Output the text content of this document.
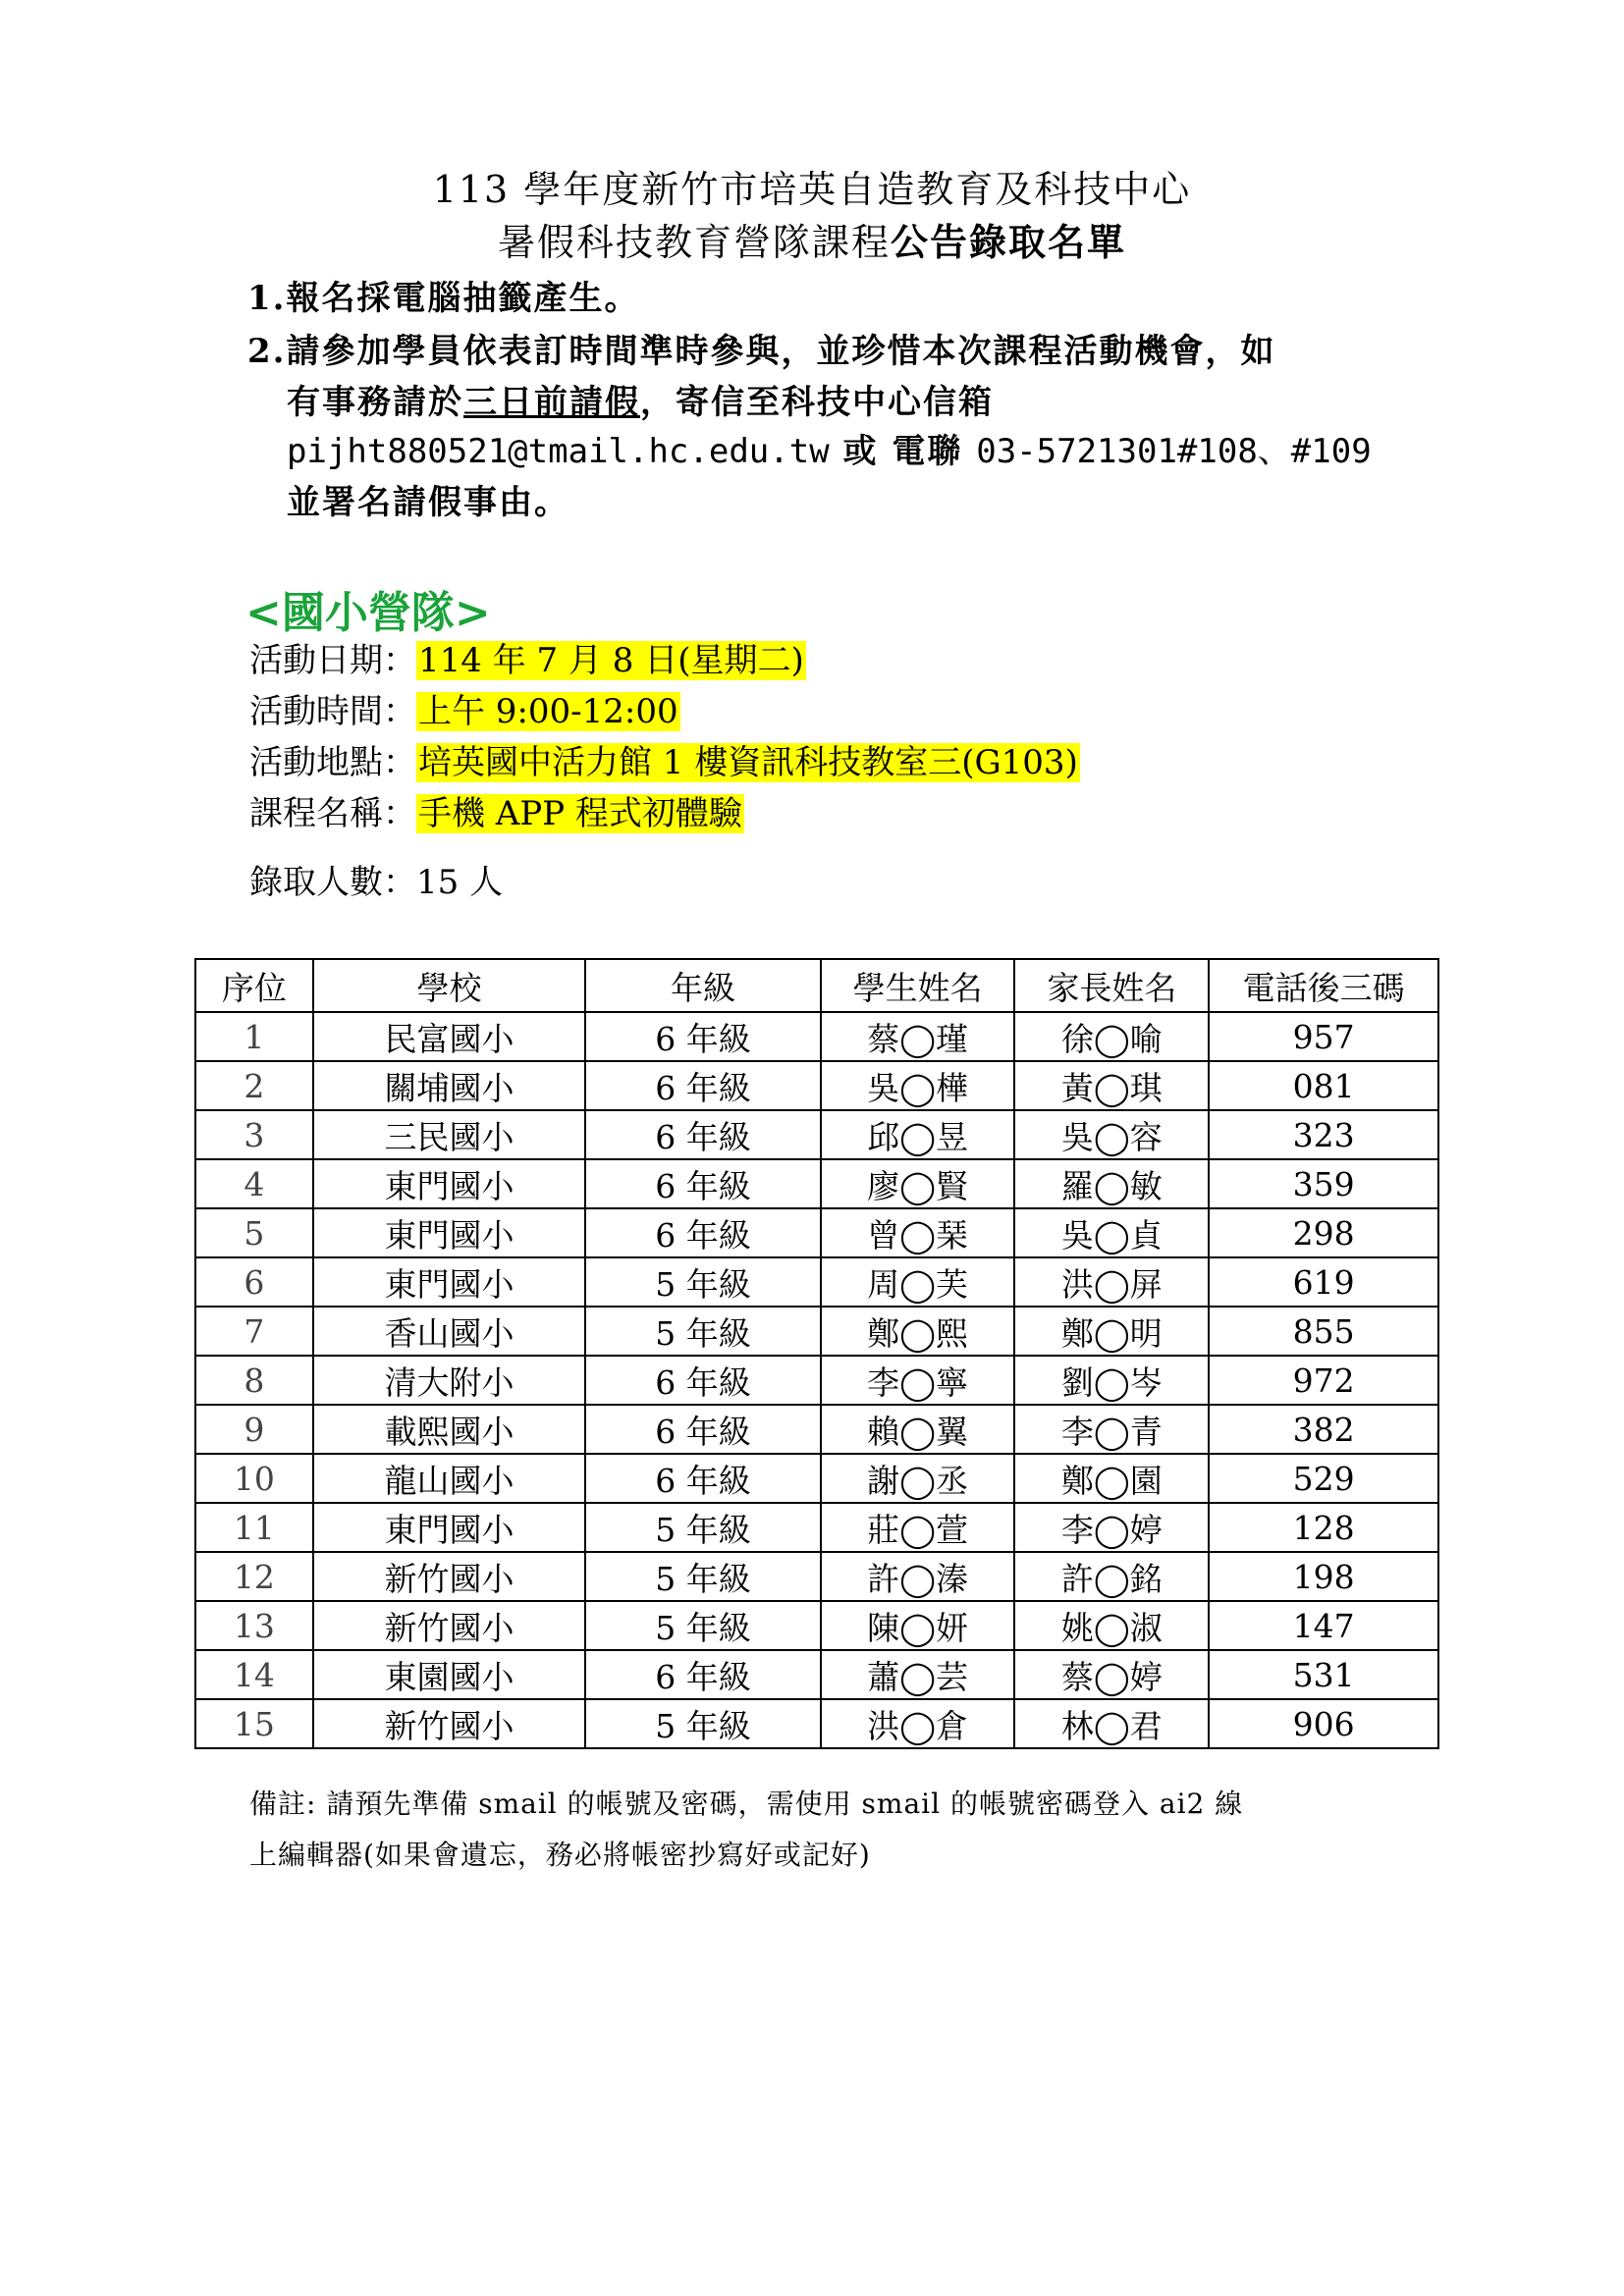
113 學年度新竹市培英自造教育及科技中心
暑假科技教育營隊課程公告錄取名單
1.報名採電腦抽籤產生。
2.請參加學員依表訂時間準時參與，並珍惜本次課程活動機會，如
有事務請於三日前請假，寄信至科技中心信箱
pijht880521@tmail.hc.edu.tw 或 電聯 03-5721301#108、#109
並署名請假事由。
<國小營隊>
活動日期：114 年 7 月 8 日(星期二)
活動時間：上午 9:00-12:00
活動地點：培英國中活力館 1 樓資訊科技教室三(G103)
課程名稱：手機 APP 程式初體驗
錄取人數：15 人
序位	學校	年級	學生姓名	家長姓名	電話後三碼
1	民富國小	6 年級	蔡◯瑾	徐◯喻	957
2	關埔國小	6 年級	吳◯樺	黃◯琪	081
3	三民國小	6 年級	邱◯昱	吳◯容	323
4	東門國小	6 年級	廖◯賢	羅◯敏	359
5	東門國小	6 年級	曾◯琹	吳◯貞	298
6	東門國小	5 年級	周◯芙	洪◯屏	619
7	香山國小	5 年級	鄭◯熙	鄭◯明	855
8	清大附小	6 年級	李◯寧	劉◯岑	972
9	載熙國小	6 年級	賴◯翼	李◯青	382
10	龍山國小	6 年級	謝◯丞	鄭◯園	529
11	東門國小	5 年級	莊◯萱	李◯婷	128
12	新竹國小	5 年級	許◯溱	許◯銘	198
13	新竹國小	5 年級	陳◯妍	姚◯淑	147
14	東園國小	6 年級	蕭◯芸	蔡◯婷	531
15	新竹國小	5 年級	洪◯倉	林◯君	906
備註: 請預先準備 smail 的帳號及密碼，需使用 smail 的帳號密碼登入 ai2 線
上編輯器(如果會遺忘，務必將帳密抄寫好或記好)
